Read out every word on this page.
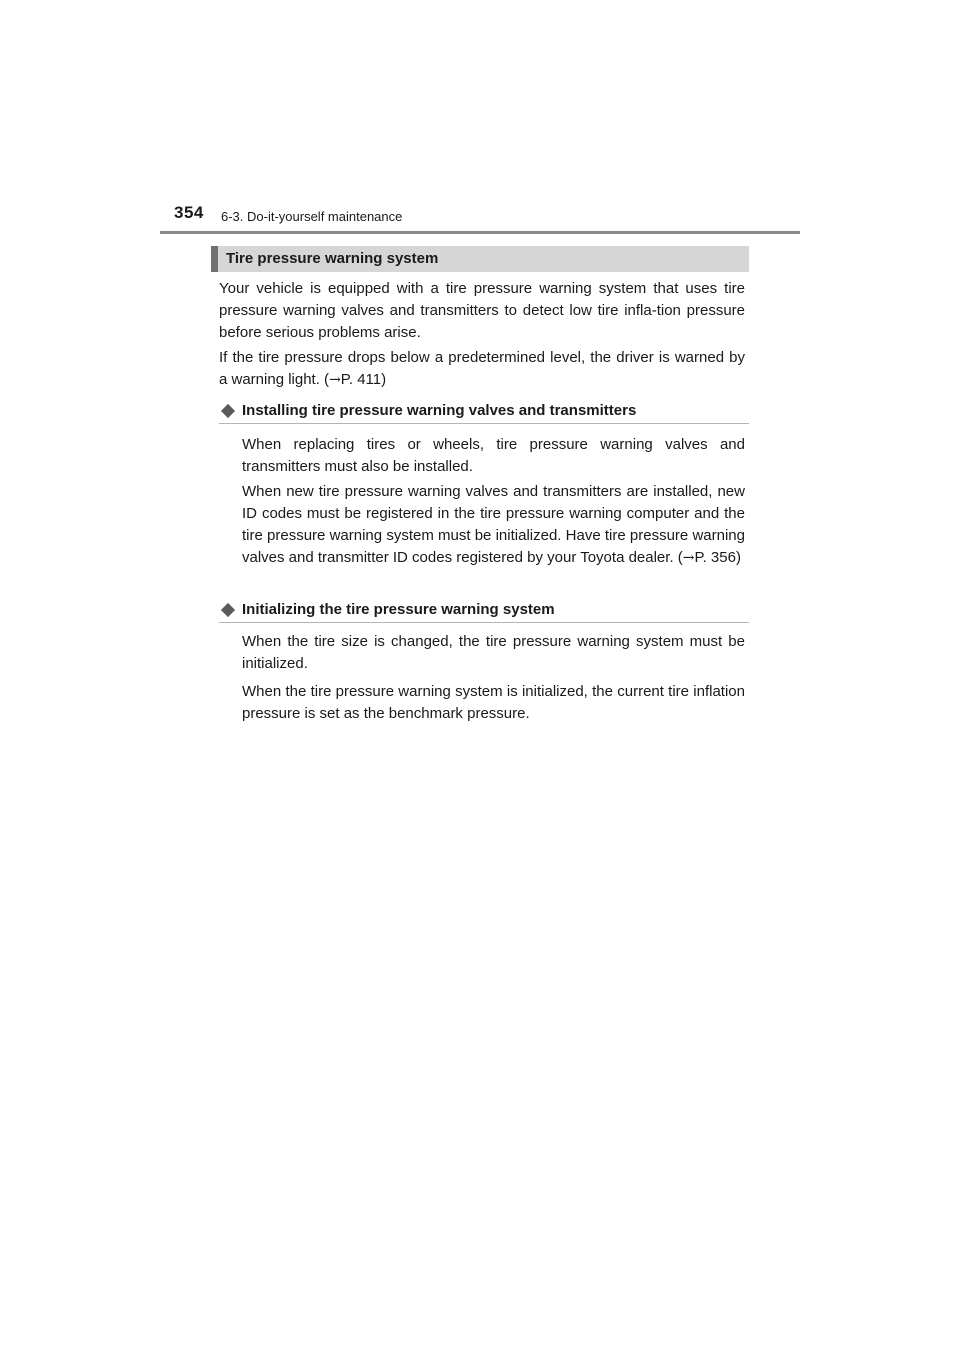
354 6-3. Do-it-yourself maintenance
Tire pressure warning system

Your vehicle is equipped with a tire pressure warning system that uses tire pressure warning valves and transmitters to detect low tire infla-tion pressure before serious problems arise.

If the tire pressure drops below a predetermined level, the driver is warned by a warning light. (→P. 411)

Installing tire pressure warning valves and transmitters

When replacing tires or wheels, tire pressure warning valves and transmitters must also be installed.

When new tire pressure warning valves and transmitters are installed, new ID codes must be registered in the tire pressure warning computer and the tire pressure warning system must be initialized. Have tire pressure warning valves and transmitter ID codes registered by your Toyota dealer. (→P. 356)

Initializing the tire pressure warning system

When the tire size is changed, the tire pressure warning system must be initialized.

When the tire pressure warning system is initialized, the current tire inflation pressure is set as the benchmark pressure.
